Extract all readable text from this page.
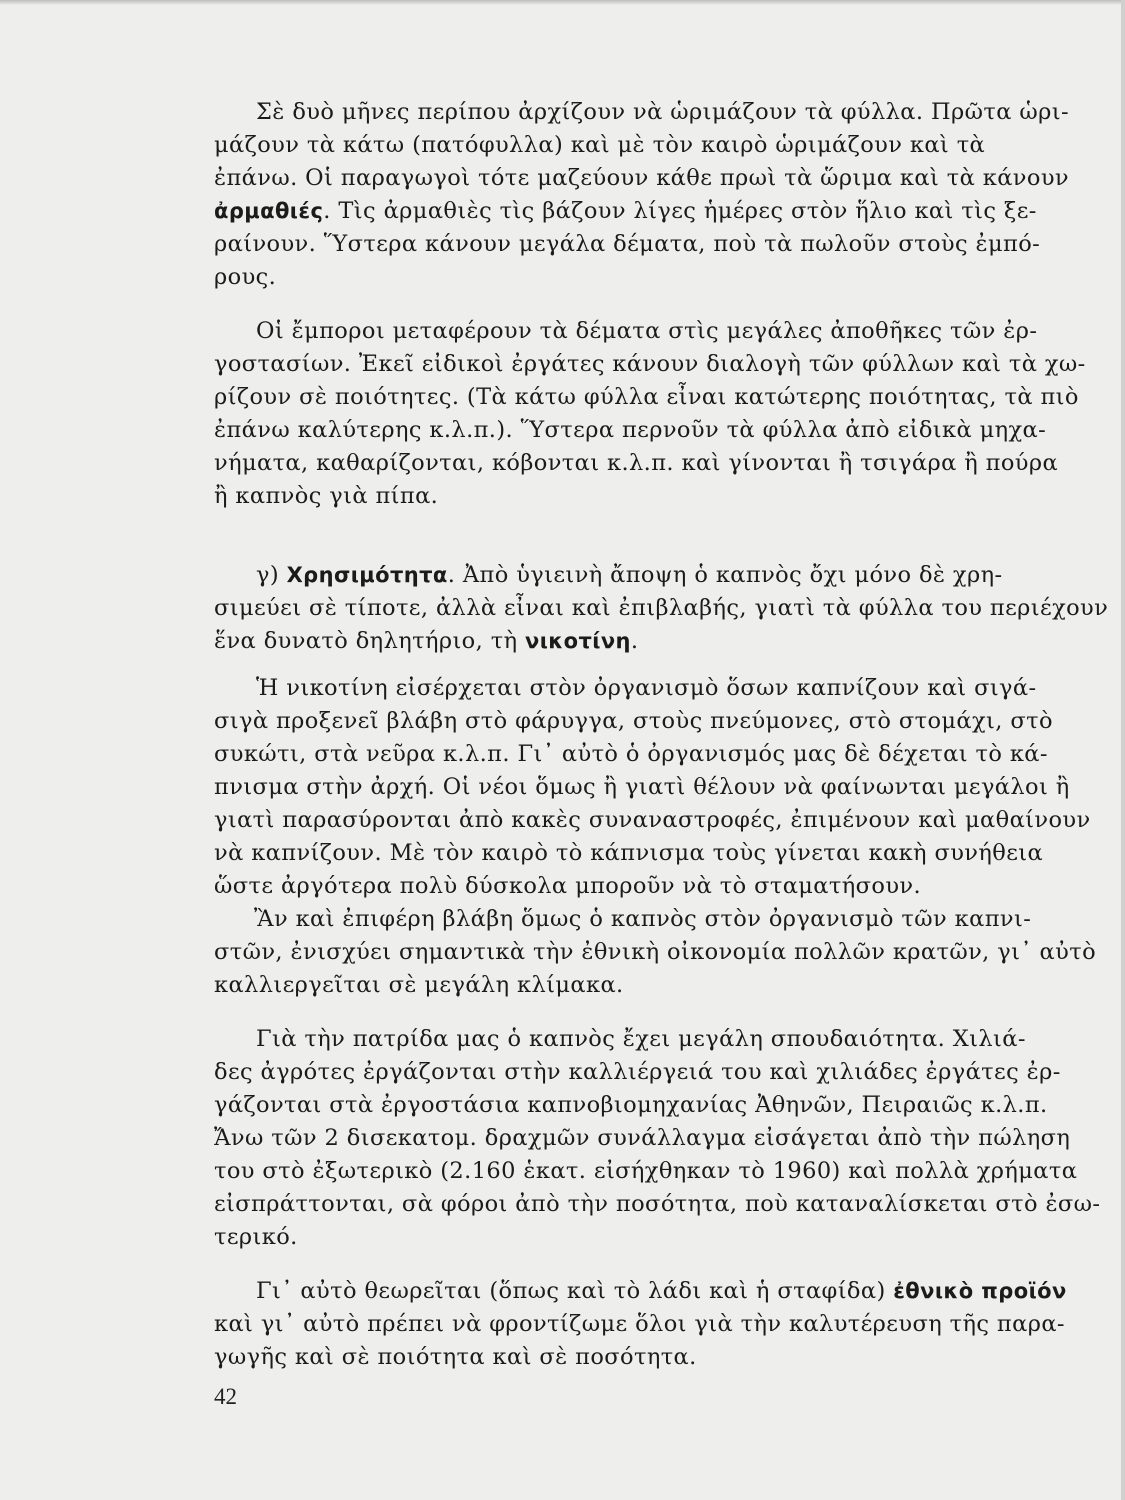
Σὲ δυὸ μῆνες περίπου ἀρχίζουν νὰ ὡριμάζουν τὰ φύλλα. Πρῶτα ὡρι-
μάζουν τὰ κάτω (πατόφυλλα) καὶ μὲ τὸν καιρὸ ὡριμάζουν καὶ τὰ
ἐπάνω. Οἱ παραγωγοὶ τότε μαζεύουν κάθε πρωὶ τὰ ὥριμα καὶ τὰ κάνουν
ἀρμαθιές. Τὶς ἀρμαθιὲς τὶς βάζουν λίγες ἡμέρες στὸν ἥλιο καὶ τὶς ξε-
ραίνουν. Ὕστερα κάνουν μεγάλα δέματα, ποὺ τὰ πωλοῦν στοὺς ἐμπό-
ρους.
Οἱ ἔμποροι μεταφέρουν τὰ δέματα στὶς μεγάλες ἀποθῆκες τῶν ἐρ-
γοστασίων. Ἐκεῖ εἰδικοὶ ἐργάτες κάνουν διαλογὴ τῶν φύλλων καὶ τὰ χω-
ρίζουν σὲ ποιότητες. (Τὰ κάτω φύλλα εἶναι κατώτερης ποιότητας, τὰ πιὸ
ἐπάνω καλύτερης κ.λ.π.). Ὕστερα περνοῦν τὰ φύλλα ἀπὸ εἰδικὰ μηχα-
νήματα, καθαρίζονται, κόβονται κ.λ.π. καὶ γίνονται ἢ τσιγάρα ἢ πούρα
ἢ καπνὸς γιὰ πίπα.
γ) Χρησιμότητα. Ἀπὸ ὑγιεινὴ ἄποψη ὁ καπνὸς ὄχι μόνο δὲ χρη-
σιμεύει σὲ τίποτε, ἀλλὰ εἶναι καὶ ἐπιβλαβής, γιατὶ τὰ φύλλα του περιέχουν
ἕνα δυνατὸ δηλητήριο, τὴ νικοτίνη.
Ἡ νικοτίνη εἰσέρχεται στὸν ὀργανισμὸ ὅσων καπνίζουν καὶ σιγά-
σιγὰ προξενεῖ βλάβη στὸ φάρυγγα, στοὺς πνεύμονες, στὸ στομάχι, στὸ
συκώτι, στὰ νεῦρα κ.λ.π. Γι᾽ αὐτὸ ὁ ὀργανισμός μας δὲ δέχεται τὸ κά-
πνισμα στὴν ἀρχή. Οἱ νέοι ὅμως ἢ γιατὶ θέλουν νὰ φαίνωνται μεγάλοι ἢ
γιατὶ παρασύρονται ἀπὸ κακὲς συναναστροφές, ἐπιμένουν καὶ μαθαίνουν
νὰ καπνίζουν. Μὲ τὸν καιρὸ τὸ κάπνισμα τοὺς γίνεται κακὴ συνήθεια
ὥστε ἀργότερα πολὺ δύσκολα μποροῦν νὰ τὸ σταματήσουν.
Ἂν καὶ ἐπιφέρη βλάβη ὅμως ὁ καπνὸς στὸν ὀργανισμὸ τῶν καπνι-
στῶν, ἐνισχύει σημαντικὰ τὴν ἐθνικὴ οἰκονομία πολλῶν κρατῶν, γι᾽ αὐτὸ
καλλιεργεῖται σὲ μεγάλη κλίμακα.
Γιὰ τὴν πατρίδα μας ὁ καπνὸς ἔχει μεγάλη σπουδαιότητα. Χιλιά-
δες ἀγρότες ἐργάζονται στὴν καλλιέργειά του καὶ χιλιάδες ἐργάτες ἐρ-
γάζονται στὰ ἐργοστάσια καπνοβιομηχανίας Ἀθηνῶν, Πειραιῶς κ.λ.π.
Ἄνω τῶν 2 δισεκατομ. δραχμῶν συνάλλαγμα εἰσάγεται ἀπὸ τὴν πώληση
του στὸ ἐξωτερικὸ (2.160 ἑκατ. εἰσήχθηκαν τὸ 1960) καὶ πολλὰ χρήματα
εἰσπράττονται, σὰ φόροι ἀπὸ τὴν ποσότητα, ποὺ καταναλίσκεται στὸ ἐσω-
τερικό.
Γι᾽ αὐτὸ θεωρεῖται (ὅπως καὶ τὸ λάδι καὶ ἡ σταφίδα) ἐθνικὸ προϊόν
καὶ γι᾽ αὐτὸ πρέπει νὰ φροντίζωμε ὅλοι γιὰ τὴν καλυτέρευση τῆς παρα-
γωγῆς καὶ σὲ ποιότητα καὶ σὲ ποσότητα.
42
